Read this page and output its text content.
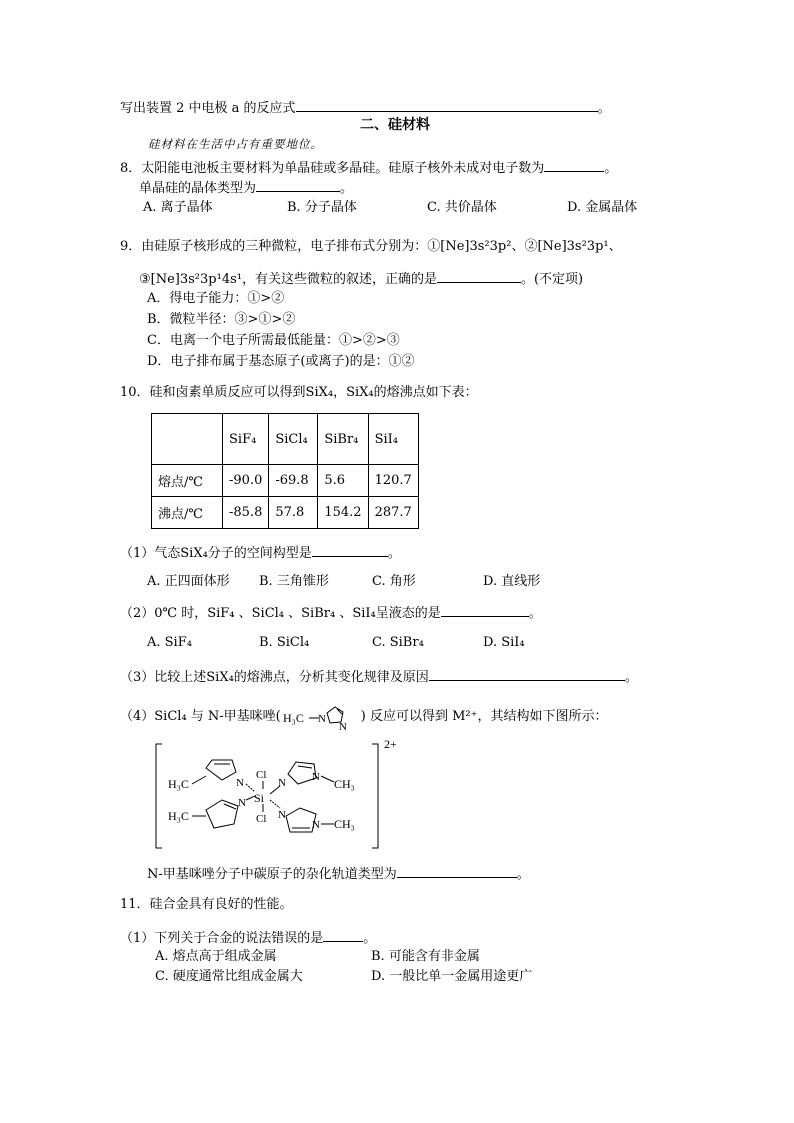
写出装置 2 中电极 a 的反应式	。
二、硅材料
硅材料在生活中占有重要地位。
8．太阳能电池板主要材料为单晶硅或多晶硅。硅原子核外未成对电子数为	。
单晶硅的晶体类型为	。
A. 离子晶体	B. 分子晶体	C. 共价晶体	D. 金属晶体
9．由硅原子核形成的三种微粒，电子排布式分别为：①[Ne]3s²3p²、②[Ne]3s²3p¹、
③[Ne]3s²3p¹4s¹，有关这些微粒的叙述，正确的是	。(不定项)
A．得电子能力：①>②
B．微粒半径：③>①>②
C．电离一个电子所需最低能量：①>②>③
D．电子排布属于基态原子(或离子)的是：①②
10．硅和卤素单质反应可以得到SiX₄，SiX₄的熔沸点如下表：
	SiF₄	SiCl₄	SiBr₄	SiI₄
熔点/℃	-90.0	-69.8	5.6	120.7
沸点/℃	-85.8	57.8	154.2	287.7
（1）气态SiX₄分子的空间构型是	。
A. 正四面体形 B. 三角锥形	C. 角形	D. 直线形
（2）0℃ 时，SiF₄ 、SiCl₄ 、SiBr₄ 、SiI₄呈液态的是	。
A. SiF₄	B. SiCl₄	C. SiBr₄	D. SiI₄
（3）比较上述SiX₄的熔沸点，分析其变化规律及原因	。
（4）SiCl₄ 与 N-甲基咪唑( H₃C N
N
) 反应可以得到 M²⁺，其结构如下图所示：
2+
H₃C	N
H₃C
N
Cl
Si
Cl
N N CH₃
N
N CH₃
N-甲基咪唑分子中碳原子的杂化轨道类型为	。
11．硅合金具有良好的性能。
（1）下列关于合金的说法错误的是	。
A. 熔点高于组成金属	B. 可能含有非金属
C. 硬度通常比组成金属大	D. 一般比单一金属用途更广
